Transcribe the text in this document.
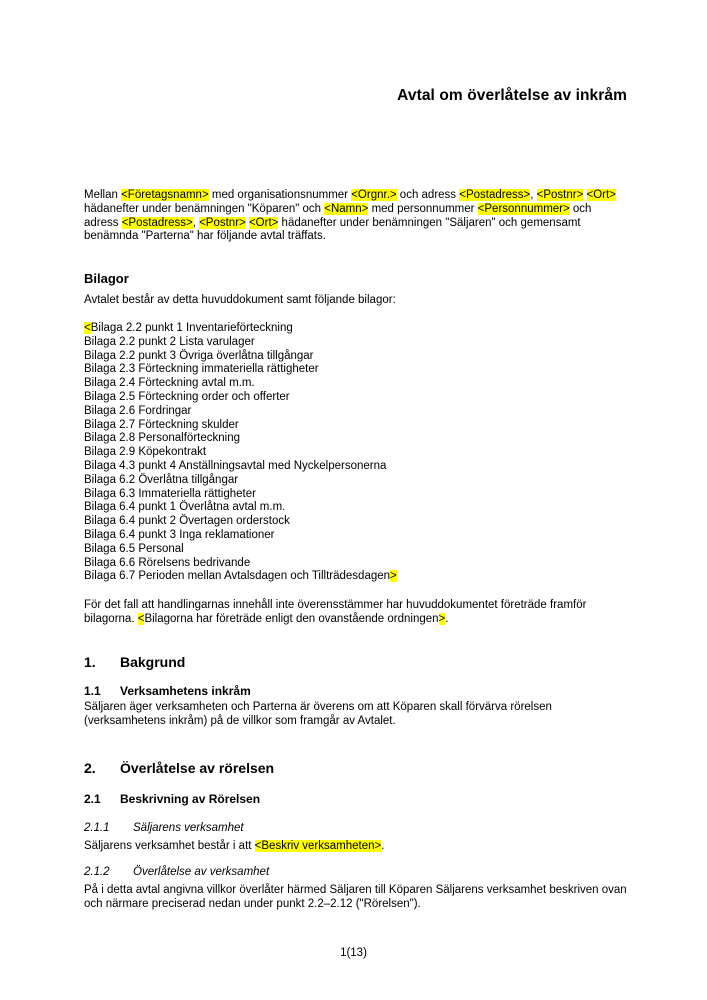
Avtal om överlåtelse av inkråm

Mellan <Företagsnamn> med organisationsnummer <Orgnr.> och adress <Postadress>, <Postnr> <Ort> hädanefter under benämningen "Köparen" och <Namn> med personnummer <Personnummer> och adress <Postadress>, <Postnr> <Ort> hädanefter under benämningen "Säljaren" och gemensamt benämnda "Parterna" har följande avtal träffats.

Bilagor

Avtalet består av detta huvuddokument samt följande bilagor:

<Bilaga 2.2 punkt 1 Inventarieförteckning
Bilaga 2.2 punkt 2 Lista varulager
Bilaga 2.2 punkt 3 Övriga överlåtna tillgångar
Bilaga 2.3 Förteckning immateriella rättigheter
Bilaga 2.4 Förteckning avtal m.m.
Bilaga 2.5 Förteckning order och offerter
Bilaga 2.6 Fordringar
Bilaga 2.7 Förteckning skulder
Bilaga 2.8 Personalförteckning
Bilaga 2.9 Köpekontrakt
Bilaga 4.3 punkt 4 Anställningsavtal med Nyckelpersonerna
Bilaga 6.2 Överlåtna tillgångar
Bilaga 6.3 Immateriella rättigheter
Bilaga 6.4 punkt 1 Överlåtna avtal m.m.
Bilaga 6.4 punkt 2 Övertagen orderstock
Bilaga 6.4 punkt 3 Inga reklamationer
Bilaga 6.5 Personal
Bilaga 6.6 Rörelsens bedrivande
Bilaga 6.7 Perioden mellan Avtalsdagen och Tillträdesdagen>

För det fall att handlingarnas innehåll inte överensstämmer har huvuddokumentet företräde framför bilagorna. <Bilagorna har företräde enligt den ovanstående ordningen>.

1. Bakgrund
1.1 Verksamhetens inkråm

Säljaren äger verksamheten och Parterna är överens om att Köparen skall förvärva rörelsen (verksamhetens inkråm) på de villkor som framgår av Avtalet.

2. Överlåtelse av rörelsen
2.1 Beskrivning av Rörelsen
2.1.1 Säljarens verksamhet

Säljarens verksamhet består i att <Beskriv verksamheten>.

2.1.2 Överlåtelse av verksamhet

På i detta avtal angivna villkor överlåter härmed Säljaren till Köparen Säljarens verksamhet beskriven ovan och närmare preciserad nedan under punkt 2.2–2.12 ("Rörelsen").

1(13)
